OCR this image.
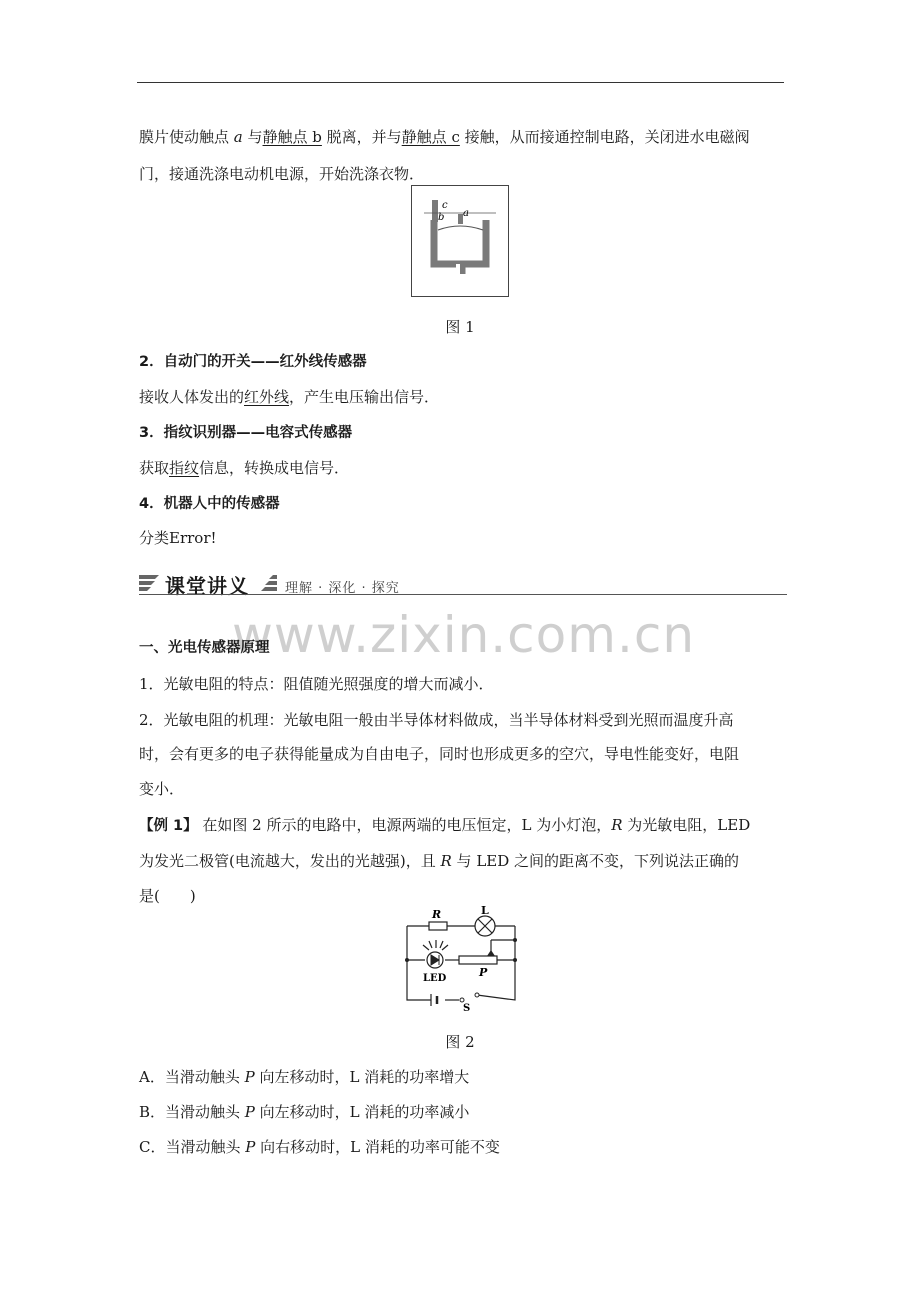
膜片使动触点 a 与静触点 b 脱离，并与静触点 c 接触，从而接通控制电路，关闭进水电磁阀
门，接通洗涤电动机电源，开始洗涤衣物．
c
b a
图 1
2．自动门的开关——红外线传感器
接收人体发出的红外线，产生电压输出信号．
3．指纹识别器——电容式传感器
获取指纹信息，转换成电信号．
4．机器人中的传感器
分类Error!
课堂讲义	理解 · 深化 · 探究
www.zixin.com.cn
一、光电传感器原理
1．光敏电阻的特点：阻值随光照强度的增大而减小．
2．光敏电阻的机理：光敏电阻一般由半导体材料做成，当半导体材料受到光照而温度升高
时，会有更多的电子获得能量成为自由电子，同时也形成更多的空穴，导电性能变好，电阻
变小．
【例 1】 在如图 2 所示的电路中，电源两端的电压恒定，L 为小灯泡，R 为光敏电阻，LED
为发光二极管(电流越大，发出的光越强)，且 R 与 LED 之间的距离不变，下列说法正确的
是(　　)
R	L
LED	P
S
图 2
A．当滑动触头 P 向左移动时，L 消耗的功率增大
B．当滑动触头 P 向左移动时，L 消耗的功率减小
C．当滑动触头 P 向右移动时，L 消耗的功率可能不变
